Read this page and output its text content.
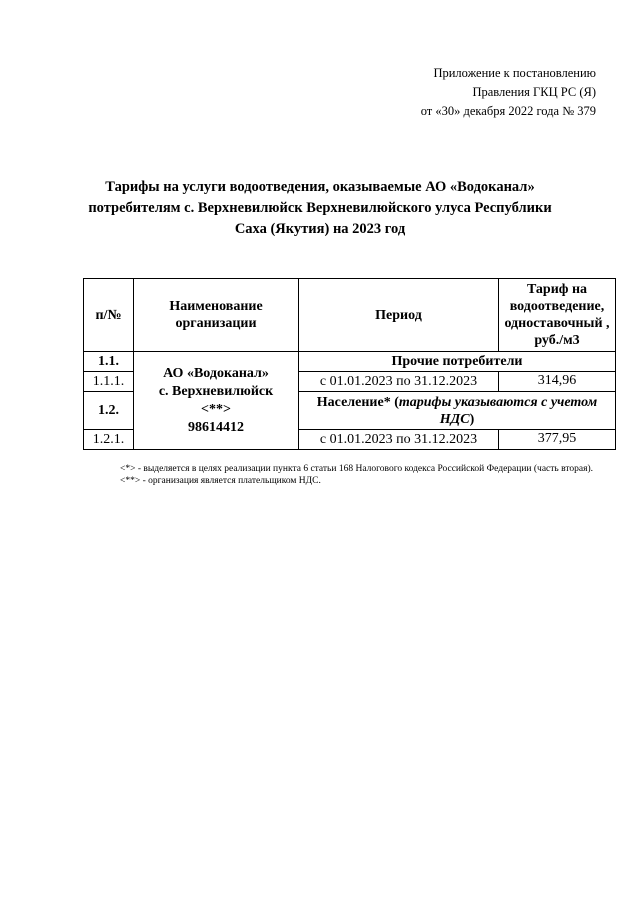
Приложение к постановлению
Правления ГКЦ РС (Я)
от «30» декабря 2022 года № 379
Тарифы на услуги водоотведения, оказываемые АО «Водоканал»
потребителям с. Верхневилюйск Верхневилюйского улуса Республики
Саха (Якутия) на 2023 год
п/№	Наименование организации	Период	Тариф на водоотведение, одноставочный , руб./м3
1.1.	АО «Водоканал»
с. Верхневилюйск
<**>
98614412	Прочие потребители	
1.1.1.		с 01.01.2023 по 31.12.2023	314,96
1.2.		Население* (тарифы указываются с учетом НДС)	
1.2.1.		с 01.01.2023 по 31.12.2023	377,95

<*> - выделяется в целях реализации пункта 6 статьи 168 Налогового кодекса Российской Федерации (часть вторая).

<**> - организация является плательщиком НДС.
